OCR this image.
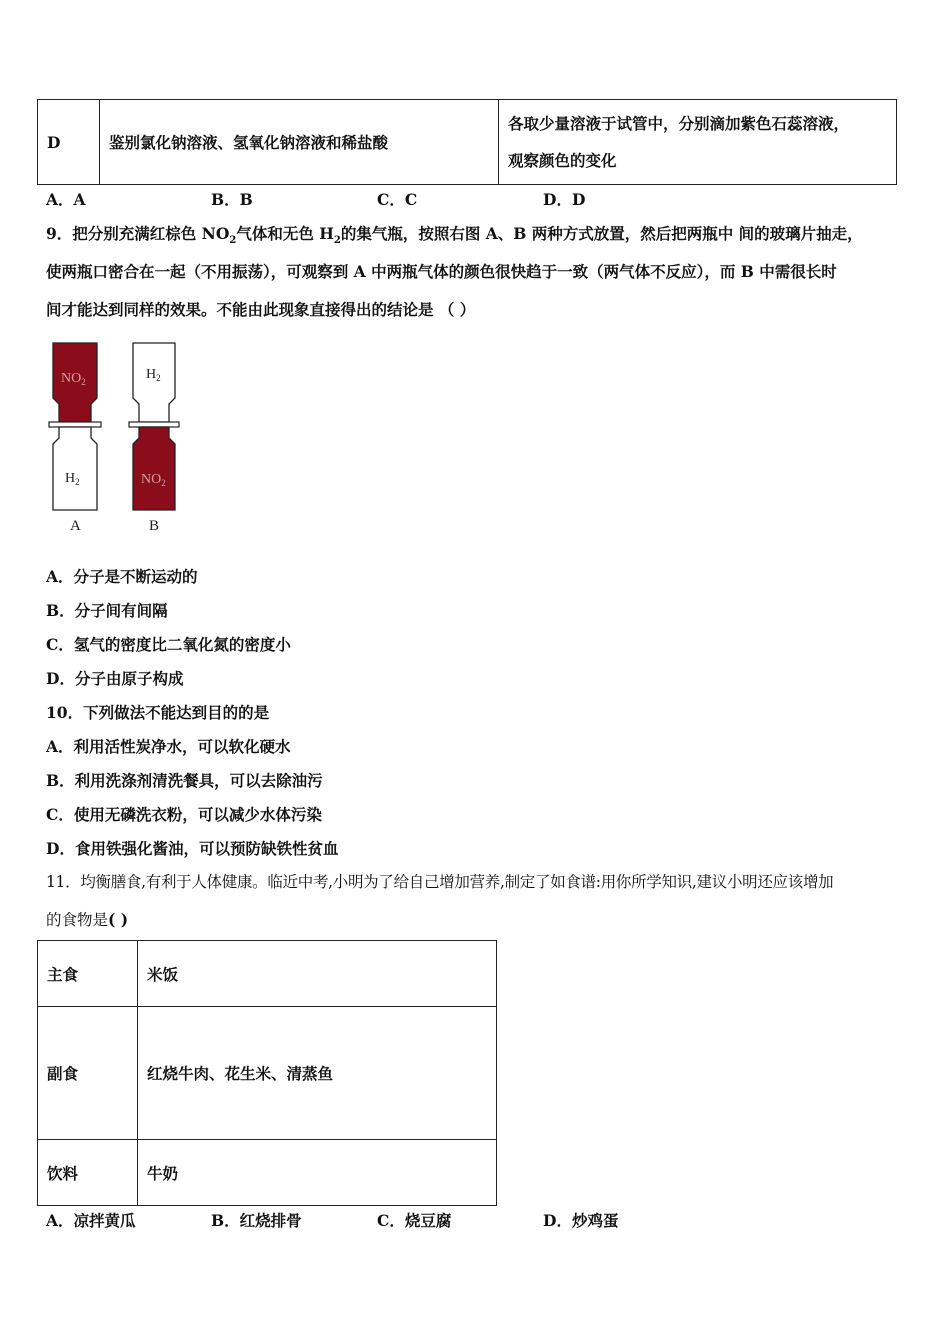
D	鉴别氯化钠溶液、氢氧化钠溶液和稀盐酸	各取少量溶液于试管中，分别滴加紫色石蕊溶液，
观察颜色的变化
A．A	B．B	C．C	D．D
9．把分别充满红棕色 $NO_2$气体和无色 $H_2$的集气瓶，按照右图 A、B 两种方式放置，然后把两瓶中 间的玻璃片抽走，
使两瓶口密合在一起（不用振荡），可观察到 A 中两瓶气体的颜色很快趋于一致（两气体不反应），而 B 中需很长时
间才能达到同样的效果。不能由此现象直接得出的结论是 （ ）
$NO_2$
$H_2$
A
$H_2$
$NO_2$
B
A．分子是不断运动的
B．分子间有间隔
C．氢气的密度比二氧化氮的密度小
D．分子由原子构成
10．下列做法不能达到目的的是
A．利用活性炭净水，可以软化硬水
B．利用洗涤剂清洗餐具，可以去除油污
C．使用无磷洗衣粉，可以减少水体污染
D．食用铁强化酱油，可以预防缺铁性贫血
11．均衡膳食,有利于人体健康。临近中考,小明为了给自己增加营养,制定了如食谱:用你所学知识,建议小明还应该增加
的食物是( )
主食	米饭
副食	红烧牛肉、花生米、清蒸鱼
饮料	牛奶
A．凉拌黄瓜	B．红烧排骨	C．烧豆腐	D．炒鸡蛋
